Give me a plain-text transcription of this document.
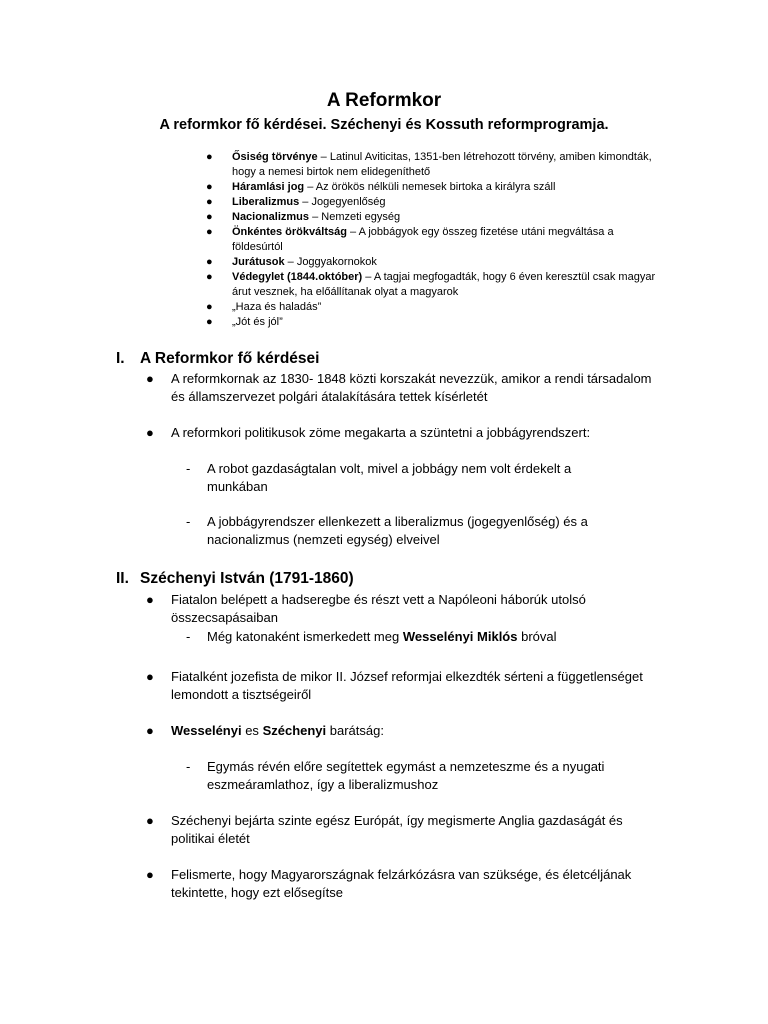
A Reformkor
A reformkor fő kérdései. Széchenyi és Kossuth reformprogramja.
● Ősiség törvénye – Latinul Aviticitas, 1351-ben létrehozott törvény, amiben kimondták, hogy a nemesi birtok nem elidegeníthető
● Háramlási jog – Az örökös nélküli nemesek birtoka a királyra száll
● Liberalizmus – Jogegyenlőség
● Nacionalizmus – Nemzeti egység
● Önkéntes örökváltság – A jobbágyok egy összeg fizetése utáni megváltása a földesúrtól
● Jurátusok – Joggyakornokok
● Védegylet (1844.október) – A tagjai megfogadták, hogy 6 éven keresztül csak magyar árut vesznek, ha előállítanak olyat a magyarok
● „Haza és haladás”
● „Jót és jól”
I. A Reformkor fő kérdései
● A reformkornak az 1830- 1848 közti korszakát nevezzük, amikor a rendi társadalom és államszervezet polgári átalakítására tettek kísérletét
● A reformkori politikusok zöme megakarta a szüntetni a jobbágyrendszert:
- A robot gazdaságtalan volt, mivel a jobbágy nem volt érdekelt a munkában
- A jobbágyrendszer ellenkezett a liberalizmus (jogegyenlőség) és a nacionalizmus (nemzeti egység) elveivel
II. Széchenyi István (1791-1860)
● Fiatalon belépett a hadseregbe és részt vett a Napóleoni háborúk utolsó összecsapásaiban
- Még katonaként ismerkedett meg Wesselényi Miklós bróval
● Fiatalként jozefista de mikor II. József reformjai elkezdték sérteni a függetlenséget lemondott a tisztségeiről
● Wesselényi es Széchenyi barátság:
- Egymás révén előre segítettek egymást a nemzeteszme és a nyugati eszmeáramlathoz, így a liberalizmushoz
● Széchenyi bejárta szinte egész Európát, így megismerte Anglia gazdaságát és politikai életét
● Felismerte, hogy Magyarországnak felzárkózásra van szüksége, és életcéljának tekintette, hogy ezt elősegítse
